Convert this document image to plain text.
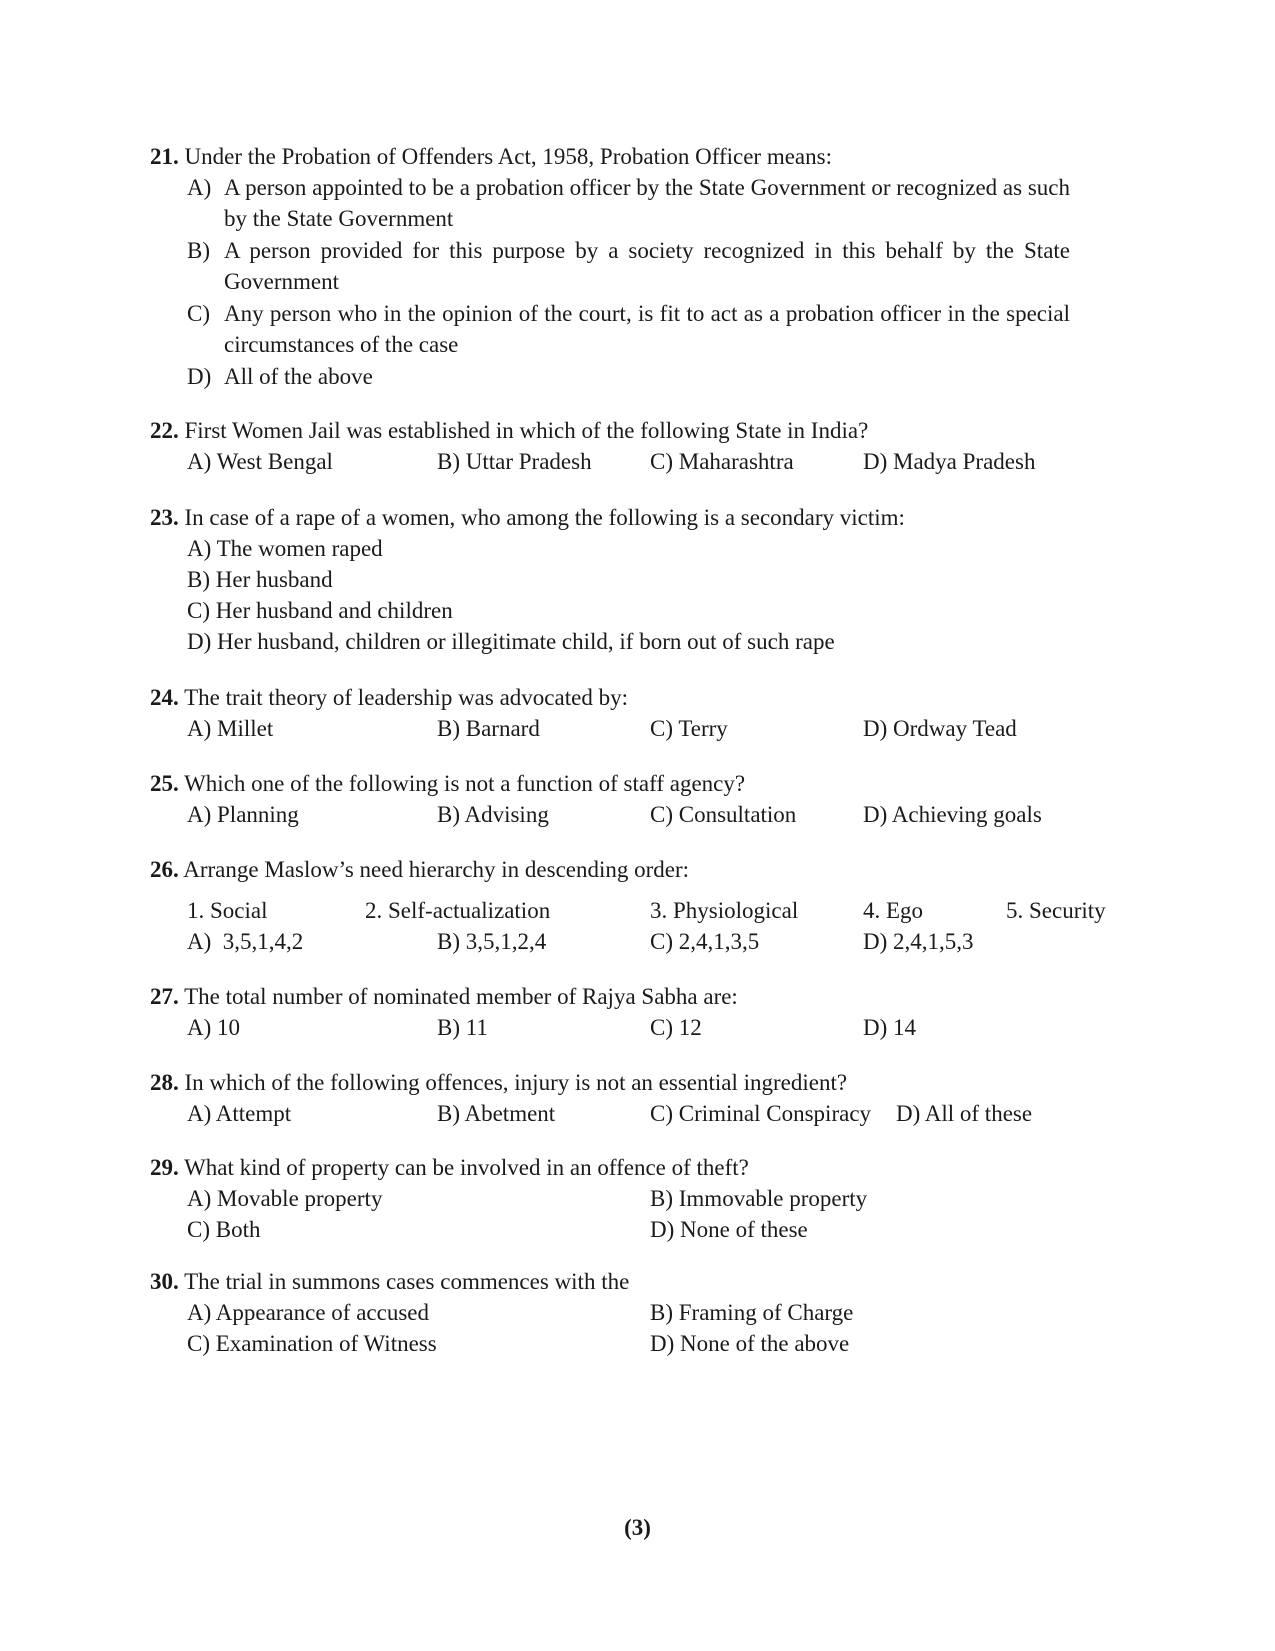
21. Under the Probation of Offenders Act, 1958, Probation Officer means:

A) A person appointed to be a probation officer by the State Government or recognized as such by the State Government
B) A person provided for this purpose by a society recognized in this behalf by the State Government
C) Any person who in the opinion of the court, is fit to act as a probation officer in the special circumstances of the case
D) All of the above

22. First Women Jail was established in which of the following State in India?

A) West Bengal	B) Uttar Pradesh	C) Maharashtra	D) Madya Pradesh

23. In case of a rape of a women, who among the following is a secondary victim:

A) The women raped
B) Her husband
C) Her husband and children
D) Her husband, children or illegitimate child, if born out of such rape

24. The trait theory of leadership was advocated by:

A) Millet	B) Barnard	C) Terry	D) Ordway Tead

25. Which one of the following is not a function of staff agency?

A) Planning	B) Advising	C) Consultation	D) Achieving goals

26. Arrange Maslow’s need hierarchy in descending order:

1. Social	2. Self-actualization	3. Physiological	4. Ego	5. Security
A)  3,5,1,4,2	B) 3,5,1,2,4	C) 2,4,1,3,5	D) 2,4,1,5,3

27. The total number of nominated member of Rajya Sabha are:

A) 10	B) 11	C) 12	D) 14

28. In which of the following offences, injury is not an essential ingredient?

A) Attempt	B) Abetment	C) Criminal Conspiracy D) All of these

29. What kind of property can be involved in an offence of theft?

A) Movable property	B) Immovable property
C) Both	D) None of these

30. The trial in summons cases commences with the

A) Appearance of accused	B) Framing of Charge
C) Examination of Witness	D) None of the above
(3)
